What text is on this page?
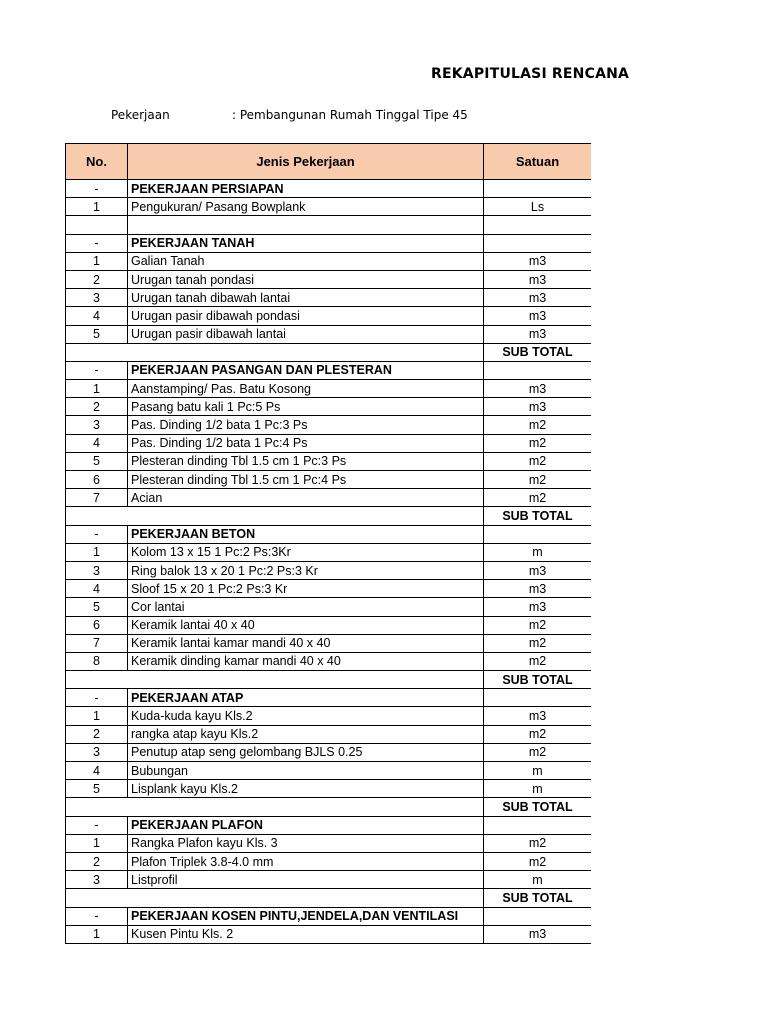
REKAPITULASI RENCANA
Pekerjaan	: Pembangunan Rumah Tinggal Tipe 45
No.	Jenis Pekerjaan	Satuan
-	PEKERJAAN PERSIAPAN	
1	Pengukuran/ Pasang Bowplank	Ls

-	PEKERJAAN TANAH	
1	Galian Tanah	m3
2	Urugan tanah pondasi	m3
3	Urugan tanah dibawah lantai	m3
4	Urugan pasir dibawah pondasi	m3
5	Urugan pasir dibawah lantai	m3
		SUB TOTAL
-	PEKERJAAN PASANGAN DAN PLESTERAN	
1	Aanstamping/ Pas. Batu Kosong	m3
2	Pasang batu kali 1 Pc:5 Ps	m3
3	Pas. Dinding 1/2 bata 1 Pc:3 Ps	m2
4	Pas. Dinding 1/2 bata 1 Pc:4 Ps	m2
5	Plesteran dinding Tbl 1.5 cm 1 Pc:3 Ps	m2
6	Plesteran dinding Tbl 1.5 cm 1 Pc:4 Ps	m2
7	Acian	m2
		SUB TOTAL
-	PEKERJAAN BETON	
1	Kolom 13 x 15 1 Pc:2 Ps:3Kr	m
3	Ring balok 13 x 20 1 Pc:2 Ps:3 Kr	m3
4	Sloof 15 x 20 1 Pc:2 Ps:3 Kr	m3
5	Cor lantai	m3
6	Keramik lantai 40 x 40	m2
7	Keramik lantai kamar mandi 40 x 40	m2
8	Keramik dinding kamar mandi 40 x 40	m2
		SUB TOTAL
-	PEKERJAAN ATAP	
1	Kuda-kuda kayu Kls.2	m3
2	rangka atap kayu Kls.2	m2
3	Penutup atap seng gelombang BJLS 0.25	m2
4	Bubungan	m
5	Lisplank kayu Kls.2	m
		SUB TOTAL
-	PEKERJAAN PLAFON	
1	Rangka Plafon kayu Kls. 3	m2
2	Plafon Triplek 3.8-4.0 mm	m2
3	Listprofil	m
		SUB TOTAL
-	PEKERJAAN KOSEN PINTU,JENDELA,DAN VENTILASI	
1	Kusen Pintu Kls. 2	m3
